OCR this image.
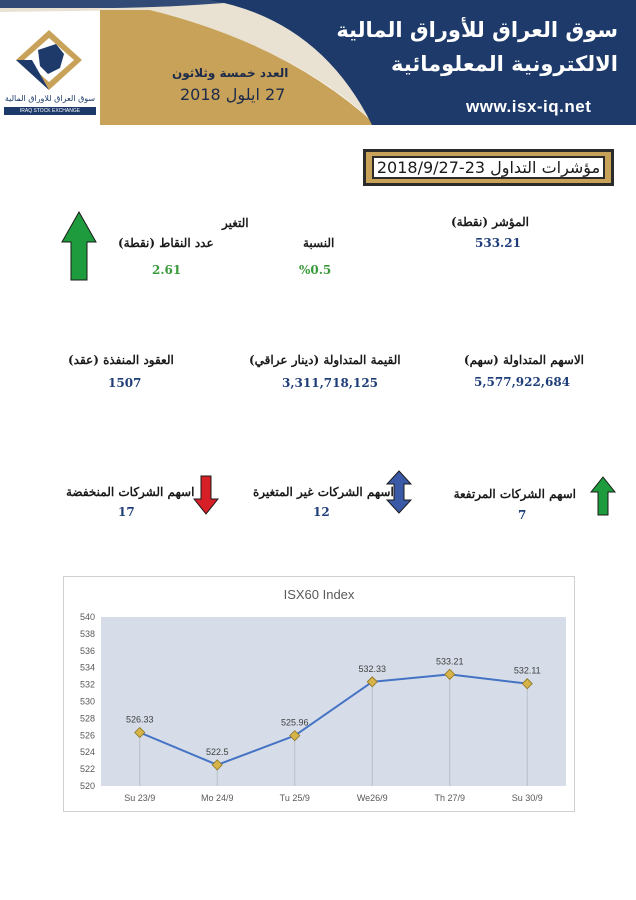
سوق العراق للاوراق المالية
IRAQ STOCK EXCHANGE
سوق العراق للأوراق المالية
الالكترونية المعلومائية
www.isx-iq.net
العدد خمسة وثلاثون
27 ايلول 2018
مؤشرات التداول 23-2018/9/27
المؤشر (نقطة)
533.21
التغير
النسبة
%0.5
عدد النقاط (نقطة)
2.61
الاسهم المتداولة (سهم)
5,577,922,684
القيمة المتداولة (دينار عراقي)
3,311,718,125
العقود المنفذة (عقد)
1507
اسهم الشركات المرتفعة
7
اسهم الشركات غير المتغيرة
12
اسهم الشركات المنخفضة
17
520
522
524
526
528
530
532
534
536
538
540
Su 23/9	Mo 24/9	Tu 25/9	We26/9	Th 27/9	Su 30/9
526.33
522.5
525.96
532.33
533.21
532.11
ISX60 Index
